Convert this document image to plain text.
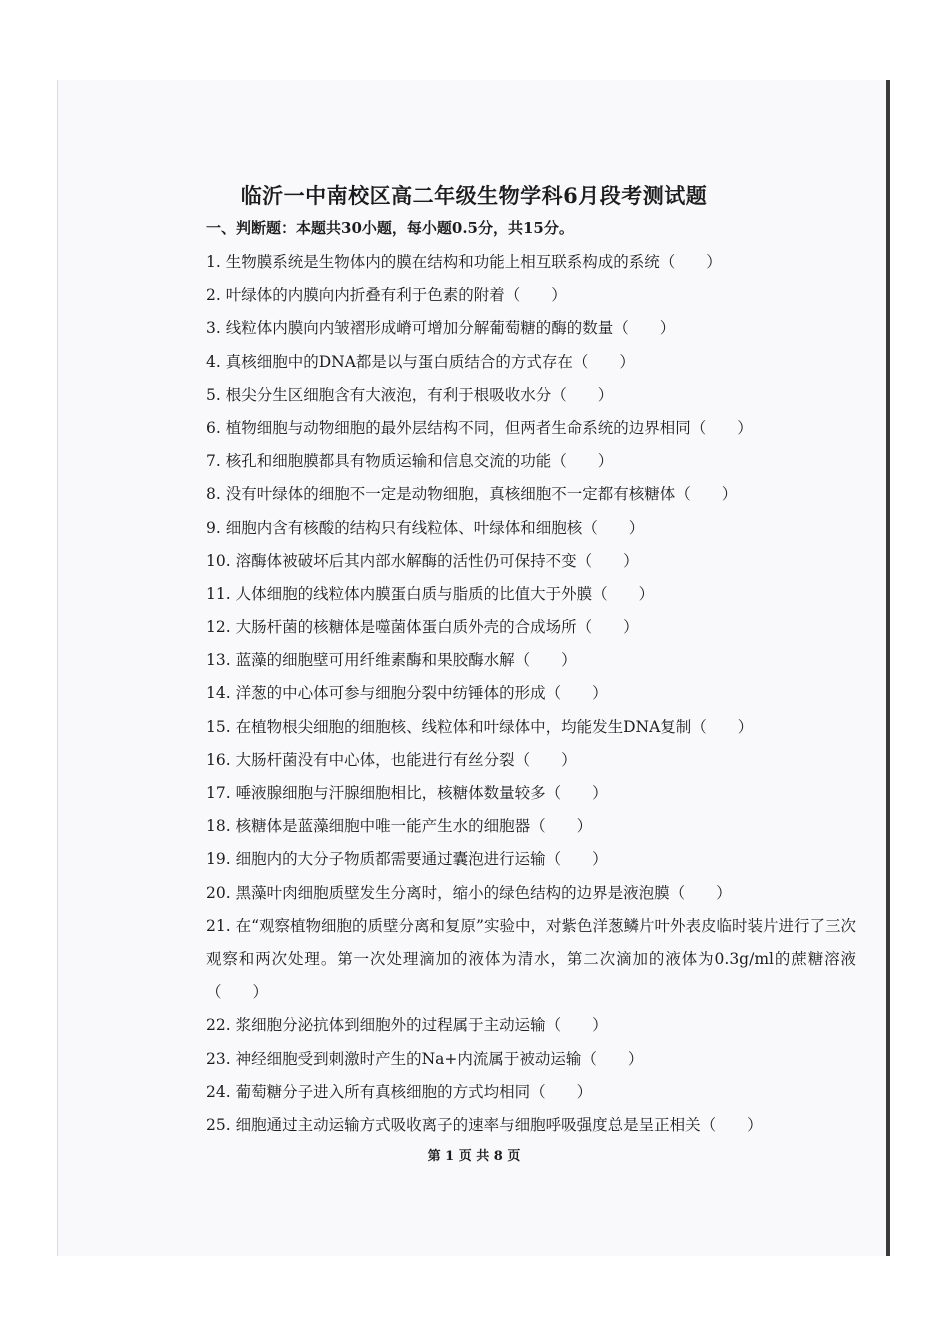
临沂一中南校区高二年级生物学科6月段考测试题
一、判断题：本题共30小题，每小题0.5分，共15分。
1. 生物膜系统是生物体内的膜在结构和功能上相互联系构成的系统（　　）
2. 叶绿体的内膜向内折叠有利于色素的附着（　　）
3. 线粒体内膜向内皱褶形成嵴可增加分解葡萄糖的酶的数量（　　）
4. 真核细胞中的DNA都是以与蛋白质结合的方式存在（　　）
5. 根尖分生区细胞含有大液泡，有利于根吸收水分（　　）
6. 植物细胞与动物细胞的最外层结构不同，但两者生命系统的边界相同（　　）
7. 核孔和细胞膜都具有物质运输和信息交流的功能（　　）
8. 没有叶绿体的细胞不一定是动物细胞，真核细胞不一定都有核糖体（　　）
9. 细胞内含有核酸的结构只有线粒体、叶绿体和细胞核（　　）
10. 溶酶体被破坏后其内部水解酶的活性仍可保持不变（　　）
11. 人体细胞的线粒体内膜蛋白质与脂质的比值大于外膜（　　）
12. 大肠杆菌的核糖体是噬菌体蛋白质外壳的合成场所（　　）
13. 蓝藻的细胞壁可用纤维素酶和果胶酶水解（　　）
14. 洋葱的中心体可参与细胞分裂中纺锤体的形成（　　）
15. 在植物根尖细胞的细胞核、线粒体和叶绿体中，均能发生DNA复制（　　）
16. 大肠杆菌没有中心体，也能进行有丝分裂（　　）
17. 唾液腺细胞与汗腺细胞相比，核糖体数量较多（　　）
18. 核糖体是蓝藻细胞中唯一能产生水的细胞器（　　）
19. 细胞内的大分子物质都需要通过囊泡进行运输（　　）
20. 黑藻叶肉细胞质壁发生分离时，缩小的绿色结构的边界是液泡膜（　　）
21. 在“观察植物细胞的质壁分离和复原”实验中，对紫色洋葱鳞片叶外表皮临时装片进行了三次观察和两次处理。第一次处理滴加的液体为清水，第二次滴加的液体为0.3g/ml的蔗糖溶液（　　）
22. 浆细胞分泌抗体到细胞外的过程属于主动运输（　　）
23. 神经细胞受到刺激时产生的Na+内流属于被动运输（　　）
24. 葡萄糖分子进入所有真核细胞的方式均相同（　　）
25. 细胞通过主动运输方式吸收离子的速率与细胞呼吸强度总是呈正相关（　　）
第 1 页 共 8 页
